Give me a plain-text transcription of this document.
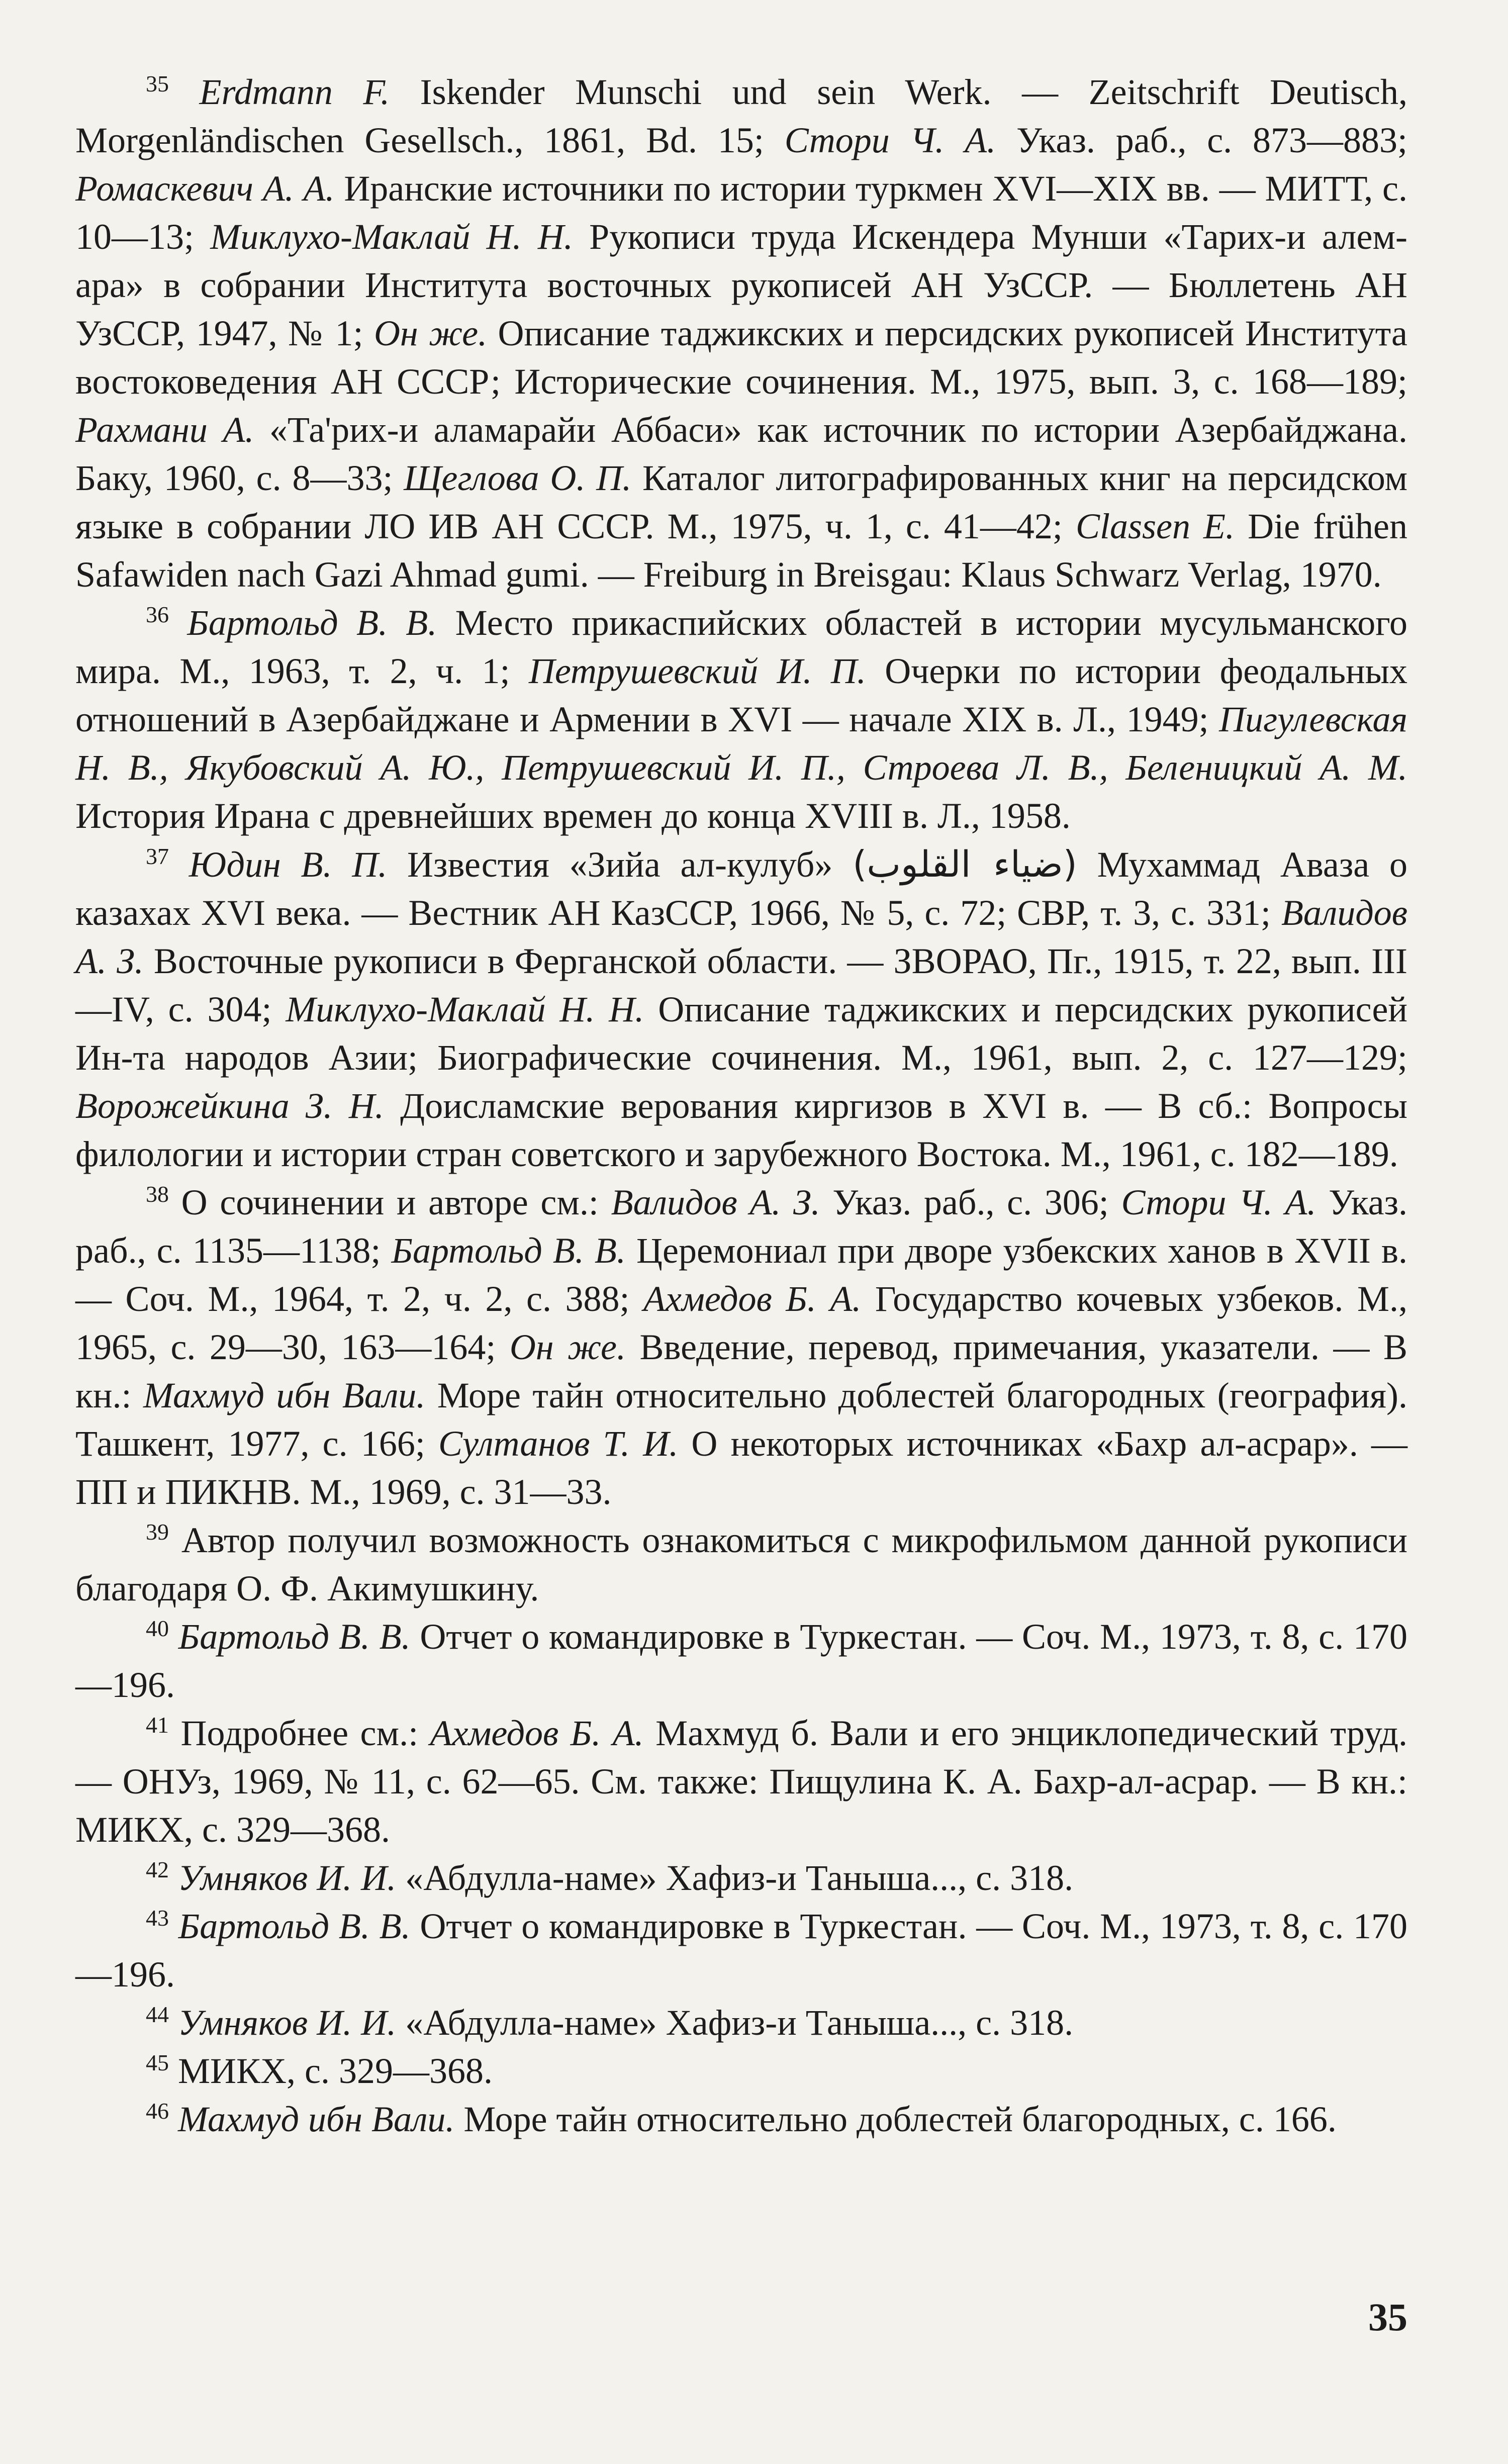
$^{35}$ Erdmann F. Iskender Munschi und sein Werk. — Zeitschrift Deutisch, Morgenländischen Gesellsch., 1861, Bd. 15; Стори Ч. А. Указ. раб., с. 873—883; Ромаскевич А. А. Иранские источники по истории туркмен XVI—XIX вв. — МИТТ, с. 10—13; Миклухо-Маклай Н. Н. Рукописи труда Искендера Мунши «Тарих-и алем-ара» в собрании Института восточных рукописей АН УзССР. — Бюллетень АН УзССР, 1947, № 1; Он же. Описание таджикских и персидских рукописей Института востоковедения АН СССР; Исторические сочинения. М., 1975, вып. 3, с. 168—189; Рахмани А. «Та'рих-и аламарайи Аббаси» как источник по истории Азербайджана. Баку, 1960, с. 8—33; Щеглова О. П. Каталог литографированных книг на персидском языке в собрании ЛО ИВ АН СССР. М., 1975, ч. 1, с. 41—42; Classen E. Die frühen Safawiden nach Gazi Ahmad gumi. — Freiburg in Breisgau: Klaus Schwarz Verlag, 1970.

$^{36}$ Бартольд В. В. Место прикаспийских областей в истории мусульманского мира. М., 1963, т. 2, ч. 1; Петрушевский И. П. Очерки по истории феодальных отношений в Азербайджане и Армении в XVI — начале XIX в. Л., 1949; Пигулевская Н. В., Якубовский А. Ю., Петрушевский И. П., Строева Л. В., Беленицкий А. М. История Ирана с древнейших времен до конца XVIII в. Л., 1958.

$^{37}$ Юдин В. П. Известия «Зийа ал-кулуб» (ضياء القلوب) Мухаммад Аваза о казахах XVI века. — Вестник АН КазССР, 1966, № 5, с. 72; СВР, т. 3, с. 331; Валидов А. З. Восточные рукописи в Ферганской области. — ЗВОРАО, Пг., 1915, т. 22, вып. III—IV, с. 304; Миклухо-Маклай Н. Н. Описание таджикских и персидских рукописей Ин-та народов Азии; Биографические сочинения. М., 1961, вып. 2, с. 127—129; Ворожейкина З. Н. Доисламские верования киргизов в XVI в. — В сб.: Вопросы филологии и истории стран советского и зарубежного Востока. М., 1961, с. 182—189.

$^{38}$ О сочинении и авторе см.: Валидов А. З. Указ. раб., с. 306; Стори Ч. А. Указ. раб., с. 1135—1138; Бартольд В. В. Церемониал при дворе узбекских ханов в XVII в. — Соч. М., 1964, т. 2, ч. 2, с. 388; Ахмедов Б. А. Государство кочевых узбеков. М., 1965, с. 29—30, 163—164; Он же. Введение, перевод, примечания, указатели. — В кн.: Махмуд ибн Вали. Море тайн относительно доблестей благородных (география). Ташкент, 1977, с. 166; Султанов Т. И. О некоторых источниках «Бахр ал-асрар». — ПП и ПИКНВ. М., 1969, с. 31—33.

$^{39}$ Автор получил возможность ознакомиться с микрофильмом данной рукописи благодаря О. Ф. Акимушкину.

$^{40}$ Бартольд В. В. Отчет о командировке в Туркестан. — Соч. М., 1973, т. 8, с. 170—196.

$^{41}$ Подробнее см.: Ахмедов Б. А. Махмуд б. Вали и его энциклопедический труд. — ОНУз, 1969, № 11, с. 62—65. См. также: Пищулина К. А. Бахр-ал-асрар. — В кн.: МИКХ, с. 329—368.

$^{42}$ Умняков И. И. «Абдулла-наме» Хафиз-и Таныша..., с. 318.

$^{43}$ Бартольд В. В. Отчет о командировке в Туркестан. — Соч. М., 1973, т. 8, с. 170—196.

$^{44}$ Умняков И. И. «Абдулла-наме» Хафиз-и Таныша..., с. 318.

$^{45}$ МИКХ, с. 329—368.

$^{46}$ Махмуд ибн Вали. Море тайн относительно доблестей благородных, с. 166.

35
